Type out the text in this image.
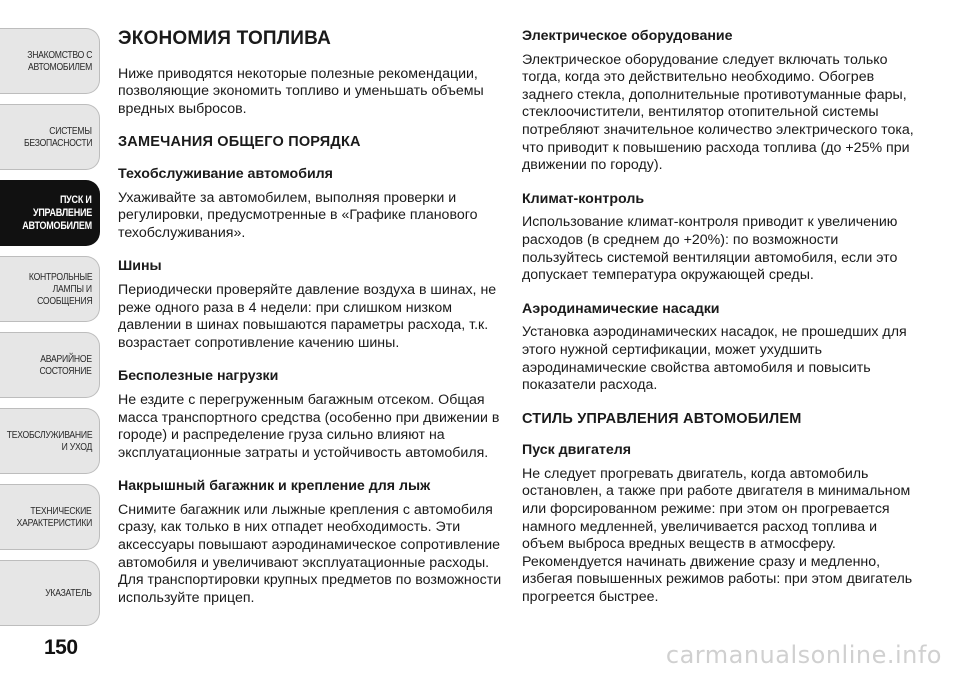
ЗНАКОМСТВО С
АВТОМОБИЛЕМ
СИСТЕМЫ
БЕЗОПАСНОСТИ
ПУСК И
УПРАВЛЕНИЕ
АВТОМОБИЛЕМ
КОНТРОЛЬНЫЕ
ЛАМПЫ И
СООБЩЕНИЯ
АВАРИЙНОЕ
СОСТОЯНИЕ
ТЕХОБСЛУЖИВАНИЕ
И УХОД
ТЕХНИЧЕСКИЕ
ХАРАКТЕРИСТИКИ
УКАЗАТЕЛЬ
150
ЭКОНОМИЯ ТОПЛИВА

Ниже приводятся некоторые полезные рекомендации, позволяющие экономить топливо и уменьшать объемы вредных выбросов.

ЗАМЕЧАНИЯ ОБЩЕГО ПОРЯДКА
Техобслуживание автомобиля

Ухаживайте за автомобилем, выполняя проверки и регулировки, предусмотренные в «Графике планового техобслуживания».

Шины

Периодически проверяйте давление воздуха в шинах, не реже одного раза в 4 недели: при слишком низком давлении в шинах повышаются параметры расхода, т.к. возрастает сопротивление качению шины.

Бесполезные нагрузки

Не ездите с перегруженным багажным отсеком. Общая масса транспортного средства (особенно при движении в городе) и распределение груза сильно влияют на эксплуатационные затраты и устойчивость автомобиля.

Накрышный багажник и крепление для лыж

Снимите багажник или лыжные крепления с автомобиля сразу, как только в них отпадет необходимость. Эти аксессуары повышают аэродинамическое сопротивление автомобиля и увеличивают эксплуатационные расходы. Для транспортировки крупных предметов по возможности используйте прицеп.

Электрическое оборудование

Электрическое оборудование следует включать только тогда, когда это действительно необходимо. Обогрев заднего стекла, дополнительные противотуманные фары, стеклоочистители, вентилятор отопительной системы потребляют значительное количество электрического тока, что приводит к повышению расхода топлива (до +25% при движении по городу).

Климат-контроль

Использование климат-контроля приводит к увеличению расходов (в среднем до +20%): по возможности пользуйтесь системой вентиляции автомобиля, если это допускает температура окружающей среды.

Аэродинамические насадки

Установка аэродинамических насадок, не прошедших для этого нужной сертификации, может ухудшить аэродинамические свойства автомобиля и повысить показатели расхода.

СТИЛЬ УПРАВЛЕНИЯ АВТОМОБИЛЕМ
Пуск двигателя

Не следует прогревать двигатель, когда автомобиль остановлен, а также при работе двигателя в минимальном или форсированном режиме: при этом он прогревается намного медленней, увеличивается расход топлива и объем выброса вредных веществ в атмосферу. Рекомендуется начинать движение сразу и медленно, избегая повышенных режимов работы: при этом двигатель прогреется быстрее.

carmanualsonline.info
